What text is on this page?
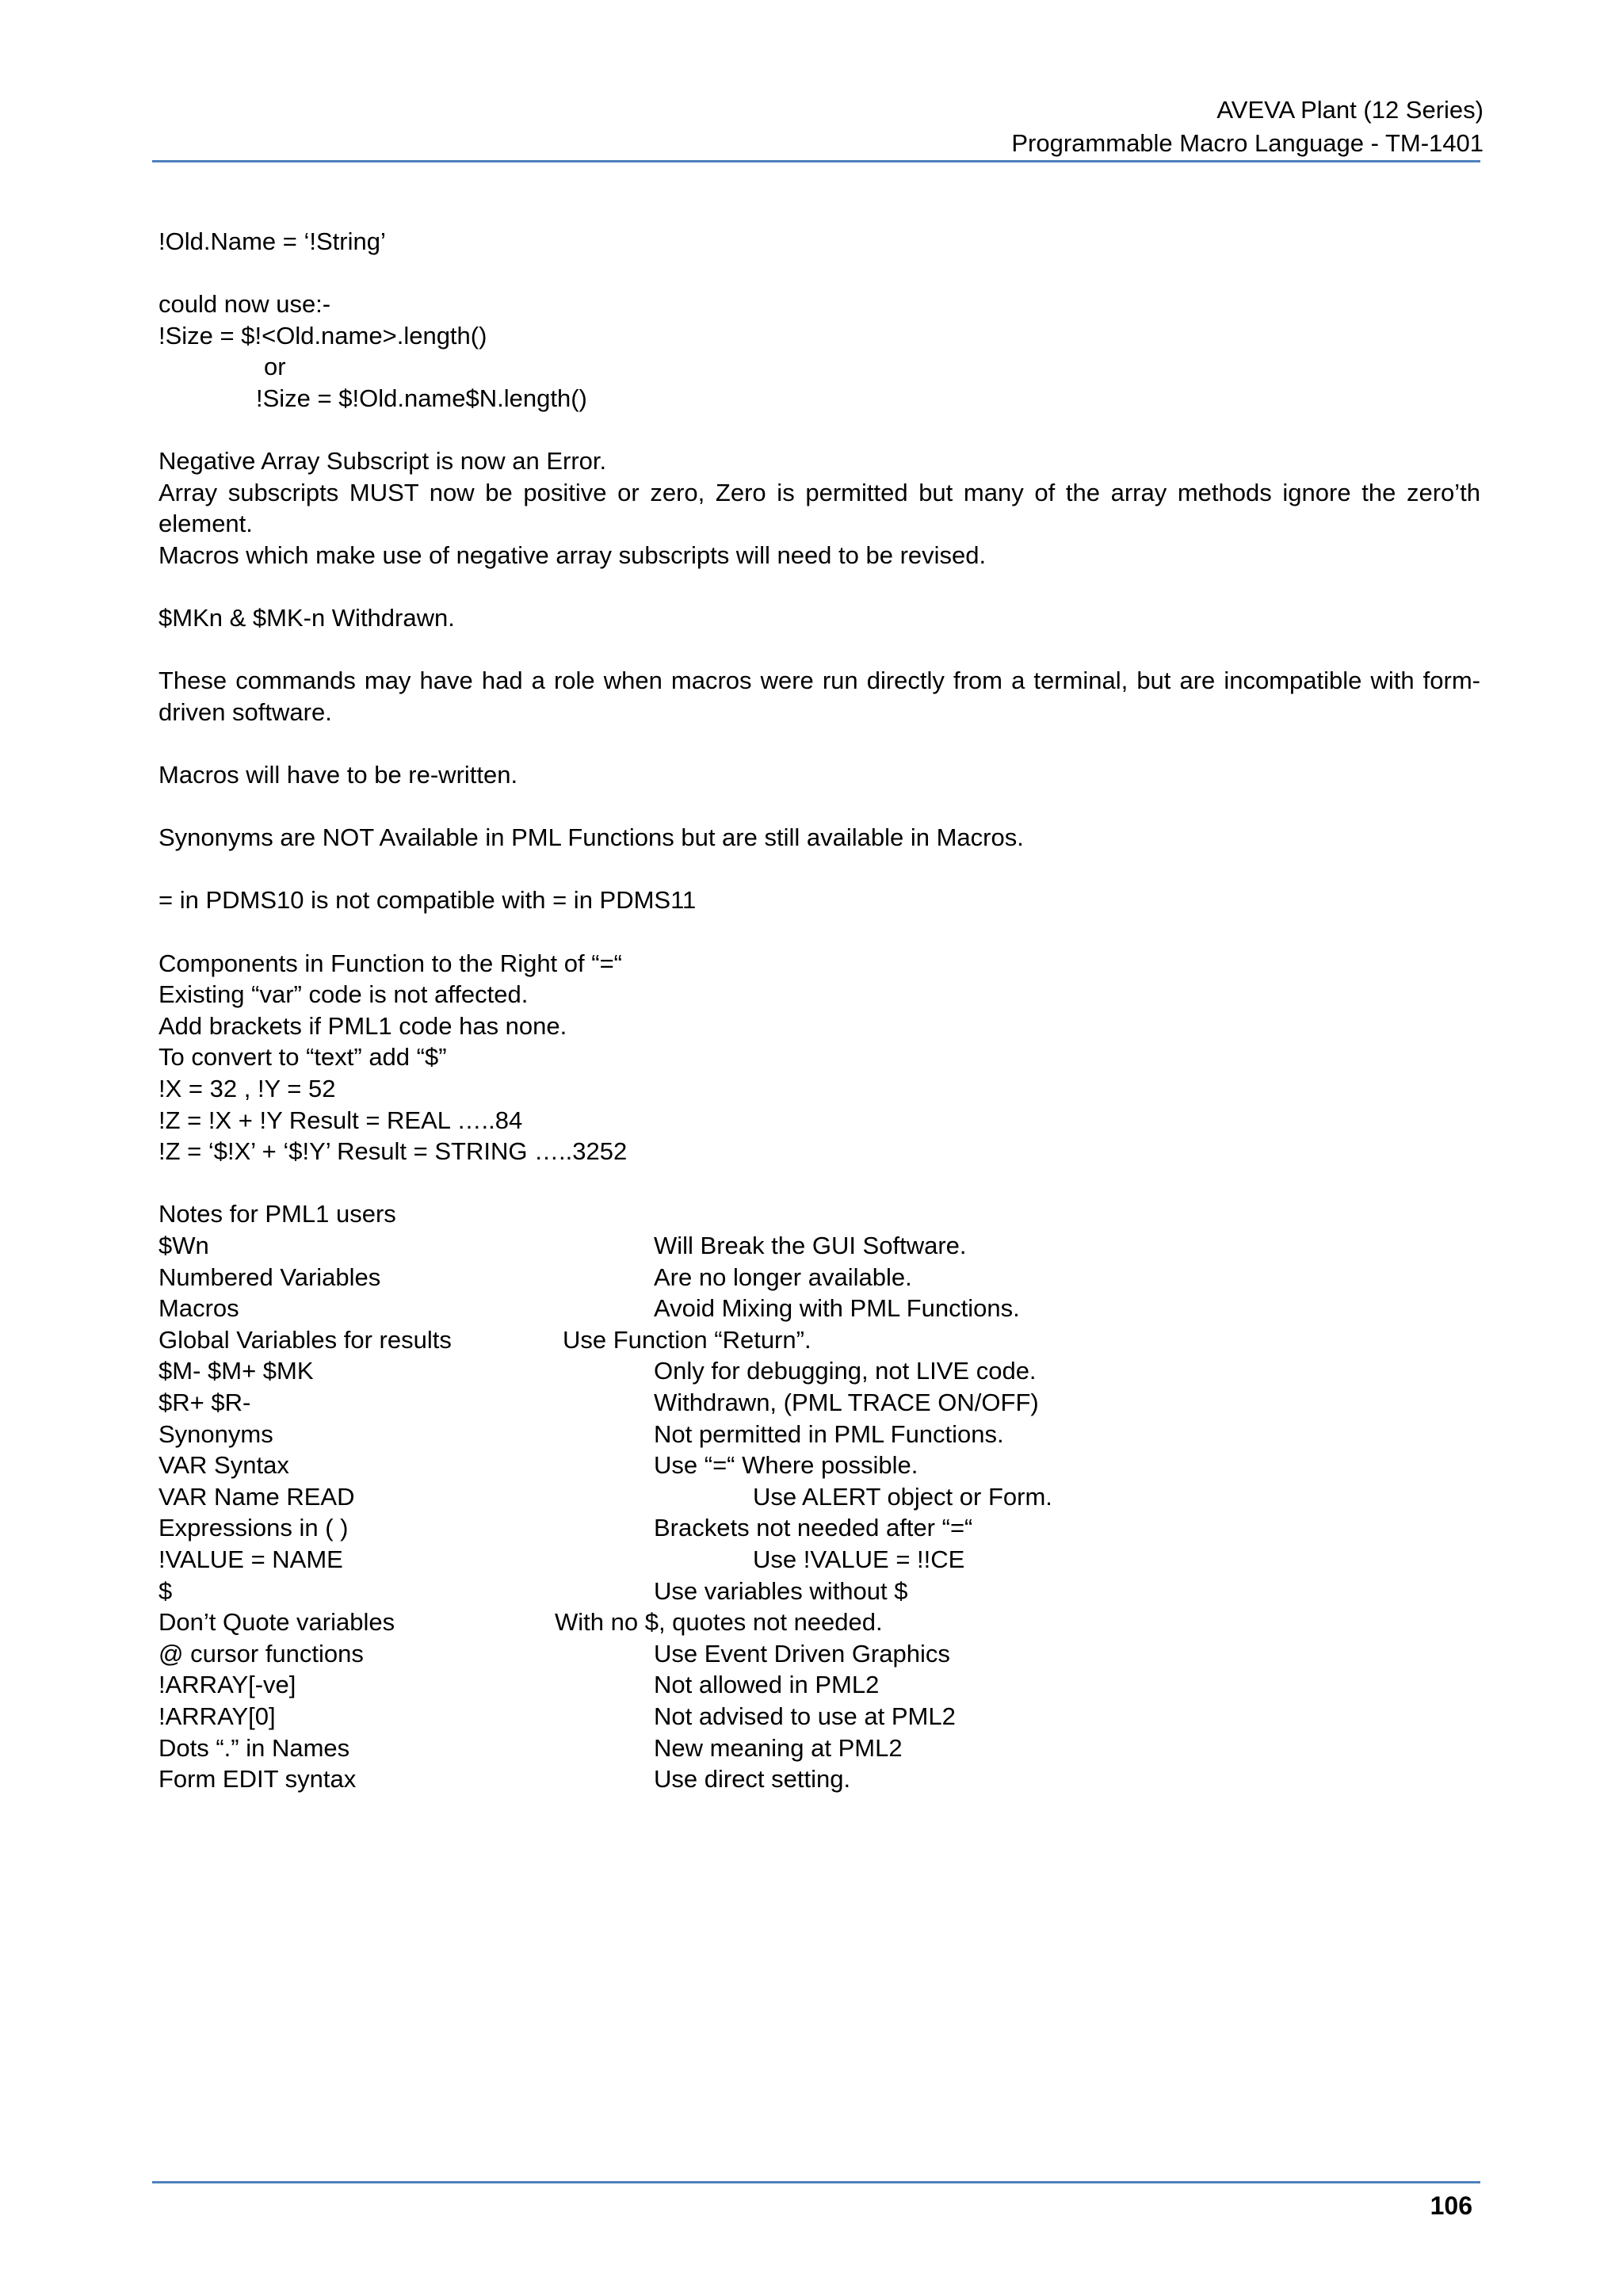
AVEVA Plant (12 Series)
Programmable Macro Language - TM-1401
!Old.Name = ‘!String’
could now use:-
!Size = $!<Old.name>.length()
or
!Size = $!Old.name$N.length()
Negative Array Subscript is now an Error.
Array subscripts MUST now be positive or zero, Zero is permitted but many of the array methods ignore the zero’th element.
Macros which make use of negative array subscripts will need to be revised.
$MKn & $MK-n Withdrawn.
These commands may have had a role when macros were run directly from a terminal, but are incompatible with form-driven software.
Macros will have to be re-written.
Synonyms are NOT Available in PML Functions but are still available in Macros.
= in PDMS10 is not compatible with = in PDMS11
Components in Function to the Right of “=“
Existing “var” code is not affected.
Add brackets if PML1 code has none.
To convert to “text” add “$”
!X = 32 , !Y = 52
!Z = !X + !Y Result = REAL …..84
!Z = ‘$!X’ + ‘$!Y’ Result = STRING …..3252
Notes for PML1 users
$Wn	Will Break the GUI Software.
Numbered Variables	Are no longer available.
Macros	Avoid Mixing with PML Functions.
Global Variables for results	Use Function “Return”.
$M- $M+ $MK	Only for debugging, not LIVE code.
$R+ $R-	Withdrawn, (PML TRACE ON/OFF)
Synonyms	Not permitted in PML Functions.
VAR Syntax	Use “=“ Where possible.
VAR Name READ	Use ALERT object or Form.
Expressions in ( )	Brackets not needed after “=“
!VALUE = NAME	Use !VALUE = !!CE
$	Use variables without $
Don’t Quote variables	With no $, quotes not needed.
@ cursor functions	Use Event Driven Graphics
!ARRAY[-ve]	Not allowed in PML2
!ARRAY[0]	Not advised to use at PML2
Dots “.” in Names	New meaning at PML2
Form EDIT syntax	Use direct setting.
106
